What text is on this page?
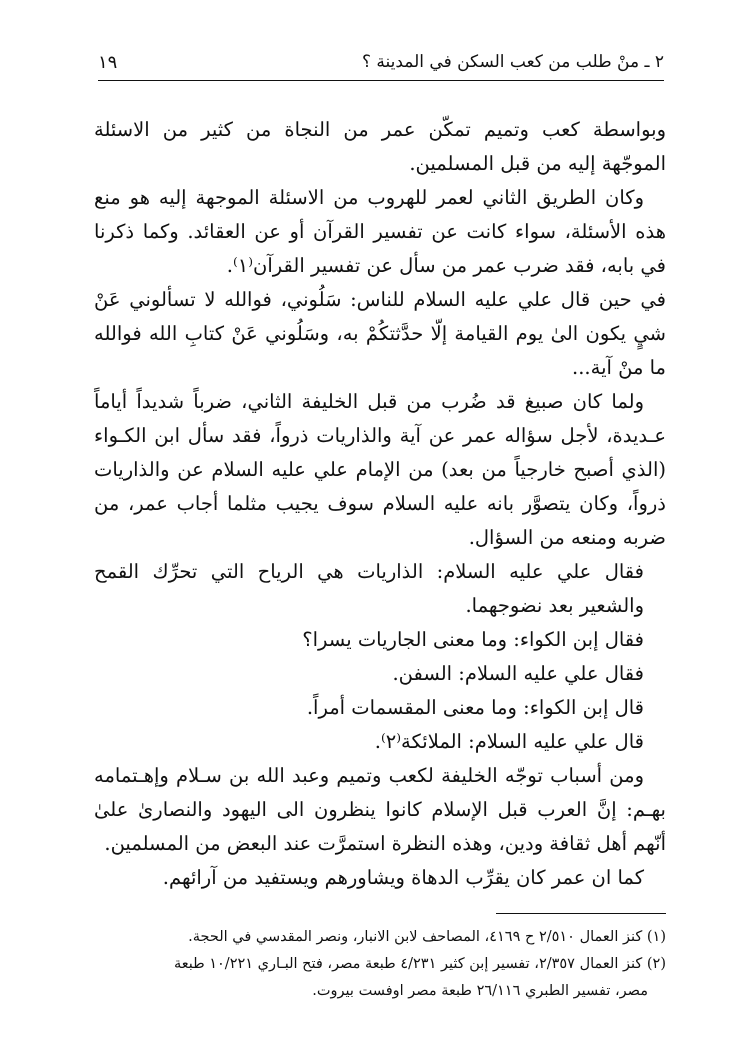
٢ ـ منْ طلب من كعب السكن في المدينة ؟
١٩

وبواسطة كعب وتميم تمكّن عمر من النجاة من كثير من الاسئلة الموجّهة إليه من قبل المسلمين.

وكان الطريق الثاني لعمر للهروب من الاسئلة الموجهة إليه هو منع هذه الأسئلة، سواء كانت عن تفسير القرآن أو عن العقائد. وكما ذكرنا في بابه، فقد ضرب عمر من سأل عن تفسير القرآن⁽١⁾.

في حين قال علي عليه السلام للناس: سَلُوني، فوالله لا تسألوني عَنْ شيٍ يكون الىٰ يوم القيامة إلّا حدَّثتكُمْ به، وسَلُوني عَنْ كتابِ الله فوالله ما منْ آية...

ولما كان صبيغ قد ضُرب من قبل الخليفة الثاني، ضرباً شديداً أياماً عـديدة، لأجل سؤاله عمر عن آية والذاريات ذرواً، فقد سأل ابن الكـواء (الذي أصبح خارجياً من بعد) من الإمام علي عليه السلام عن والذاريات ذرواً، وكان يتصوَّر بانه عليه السلام سوف يجيب مثلما أجاب عمر، من ضربه ومنعه من السؤال.

فقال علي عليه السلام: الذاريات هي الرياح التي تحرِّك القمح والشعير بعد نضوجهما.

فقال إبن الكواء: وما معنى الجاريات يسرا؟

فقال علي عليه السلام: السفن.

قال إبن الكواء: وما معنى المقسمات أمراً.

قال علي عليه السلام: الملائكة⁽٢⁾.

ومن أسباب توجّه الخليفة لكعب وتميم وعبد الله بن سـلام وإهـتمامه بهـم: إنَّ العرب قبل الإسلام كانوا ينظرون الى اليهود والنصارىٰ علىٰ أنّهم أهل ثقافة ودين، وهذه النظرة استمرَّت عند البعض من المسلمين.

كما ان عمر كان يقرِّب الدهاة ويشاورهم ويستفيد من آرائهم.

(١) كنز العمال ٢/٥١٠ ح ٤١٦٩، المصاحف لابن الانبار، ونصر المقدسي في الحجة.

(٢) كنز العمال ٢/٣٥٧، تفسير إبن كثير ٤/٢٣١ طبعة مصر، فتح البـاري ١٠/٢٢١ طبعة

مصر، تفسير الطبري ٢٦/١١٦ طبعة مصر اوفست بيروت.
